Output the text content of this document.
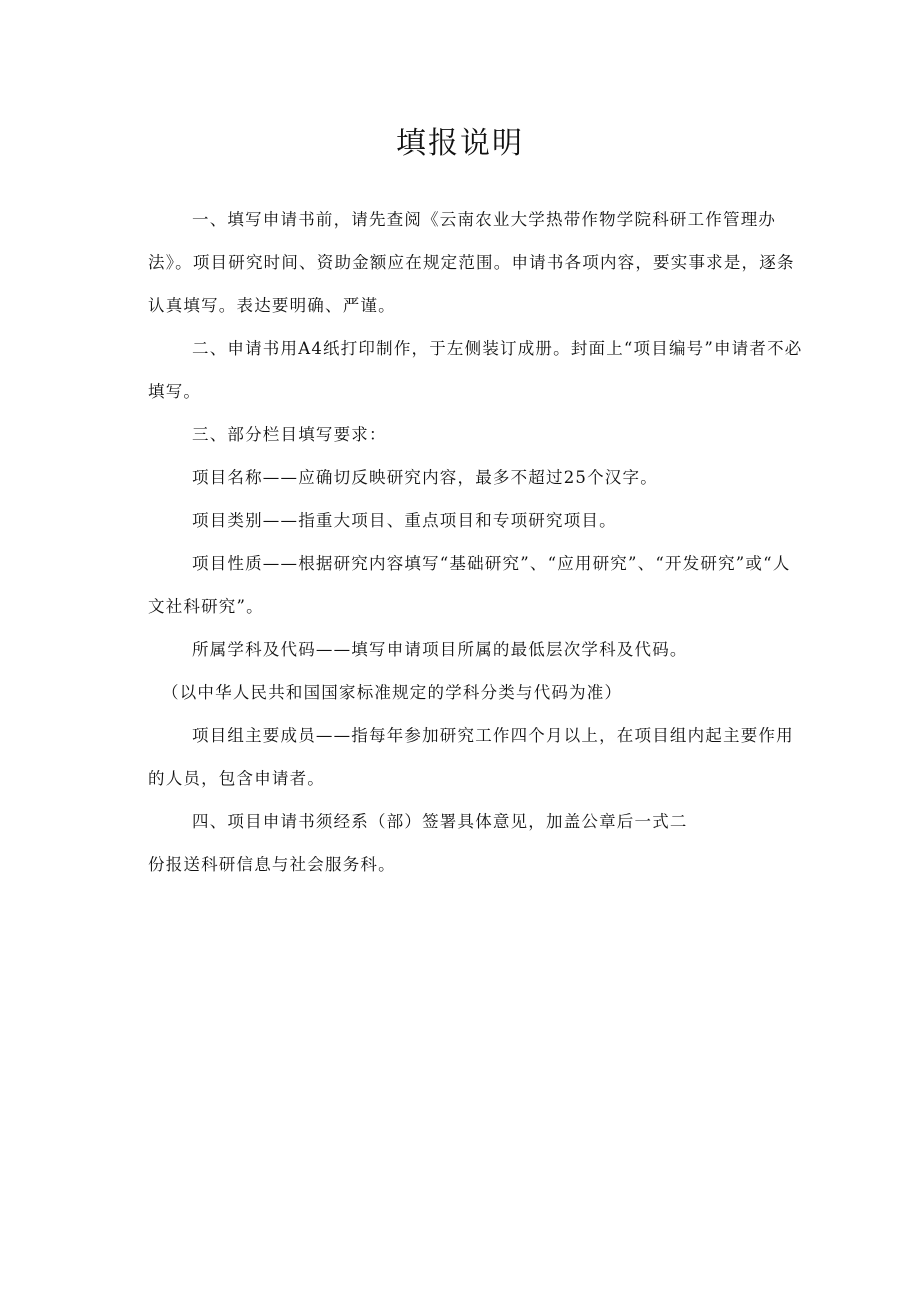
填报说明

一、填写申请书前，请先查阅《云南农业大学热带作物学院科研工作管理办法》。项目研究时间、资助金额应在规定范围。申请书各项内容，要实事求是，逐条认真填写。表达要明确、严谨。

二、申请书用A4纸打印制作，于左侧装订成册。封面上“项目编号”申请者不必填写。

三、部分栏目填写要求：

项目名称——应确切反映研究内容，最多不超过25个汉字。

项目类别——指重大项目、重点项目和专项研究项目。

项目性质——根据研究内容填写“基础研究”、“应用研究”、“开发研究”或“人文社科研究”。

所属学科及代码——填写申请项目所属的最低层次学科及代码。

（以中华人民共和国国家标准规定的学科分类与代码为准）

项目组主要成员——指每年参加研究工作四个月以上，在项目组内起主要作用的人员，包含申请者。

四、项目申请书须经系（部）签署具体意见，加盖公章后一式二

份报送科研信息与社会服务科。
